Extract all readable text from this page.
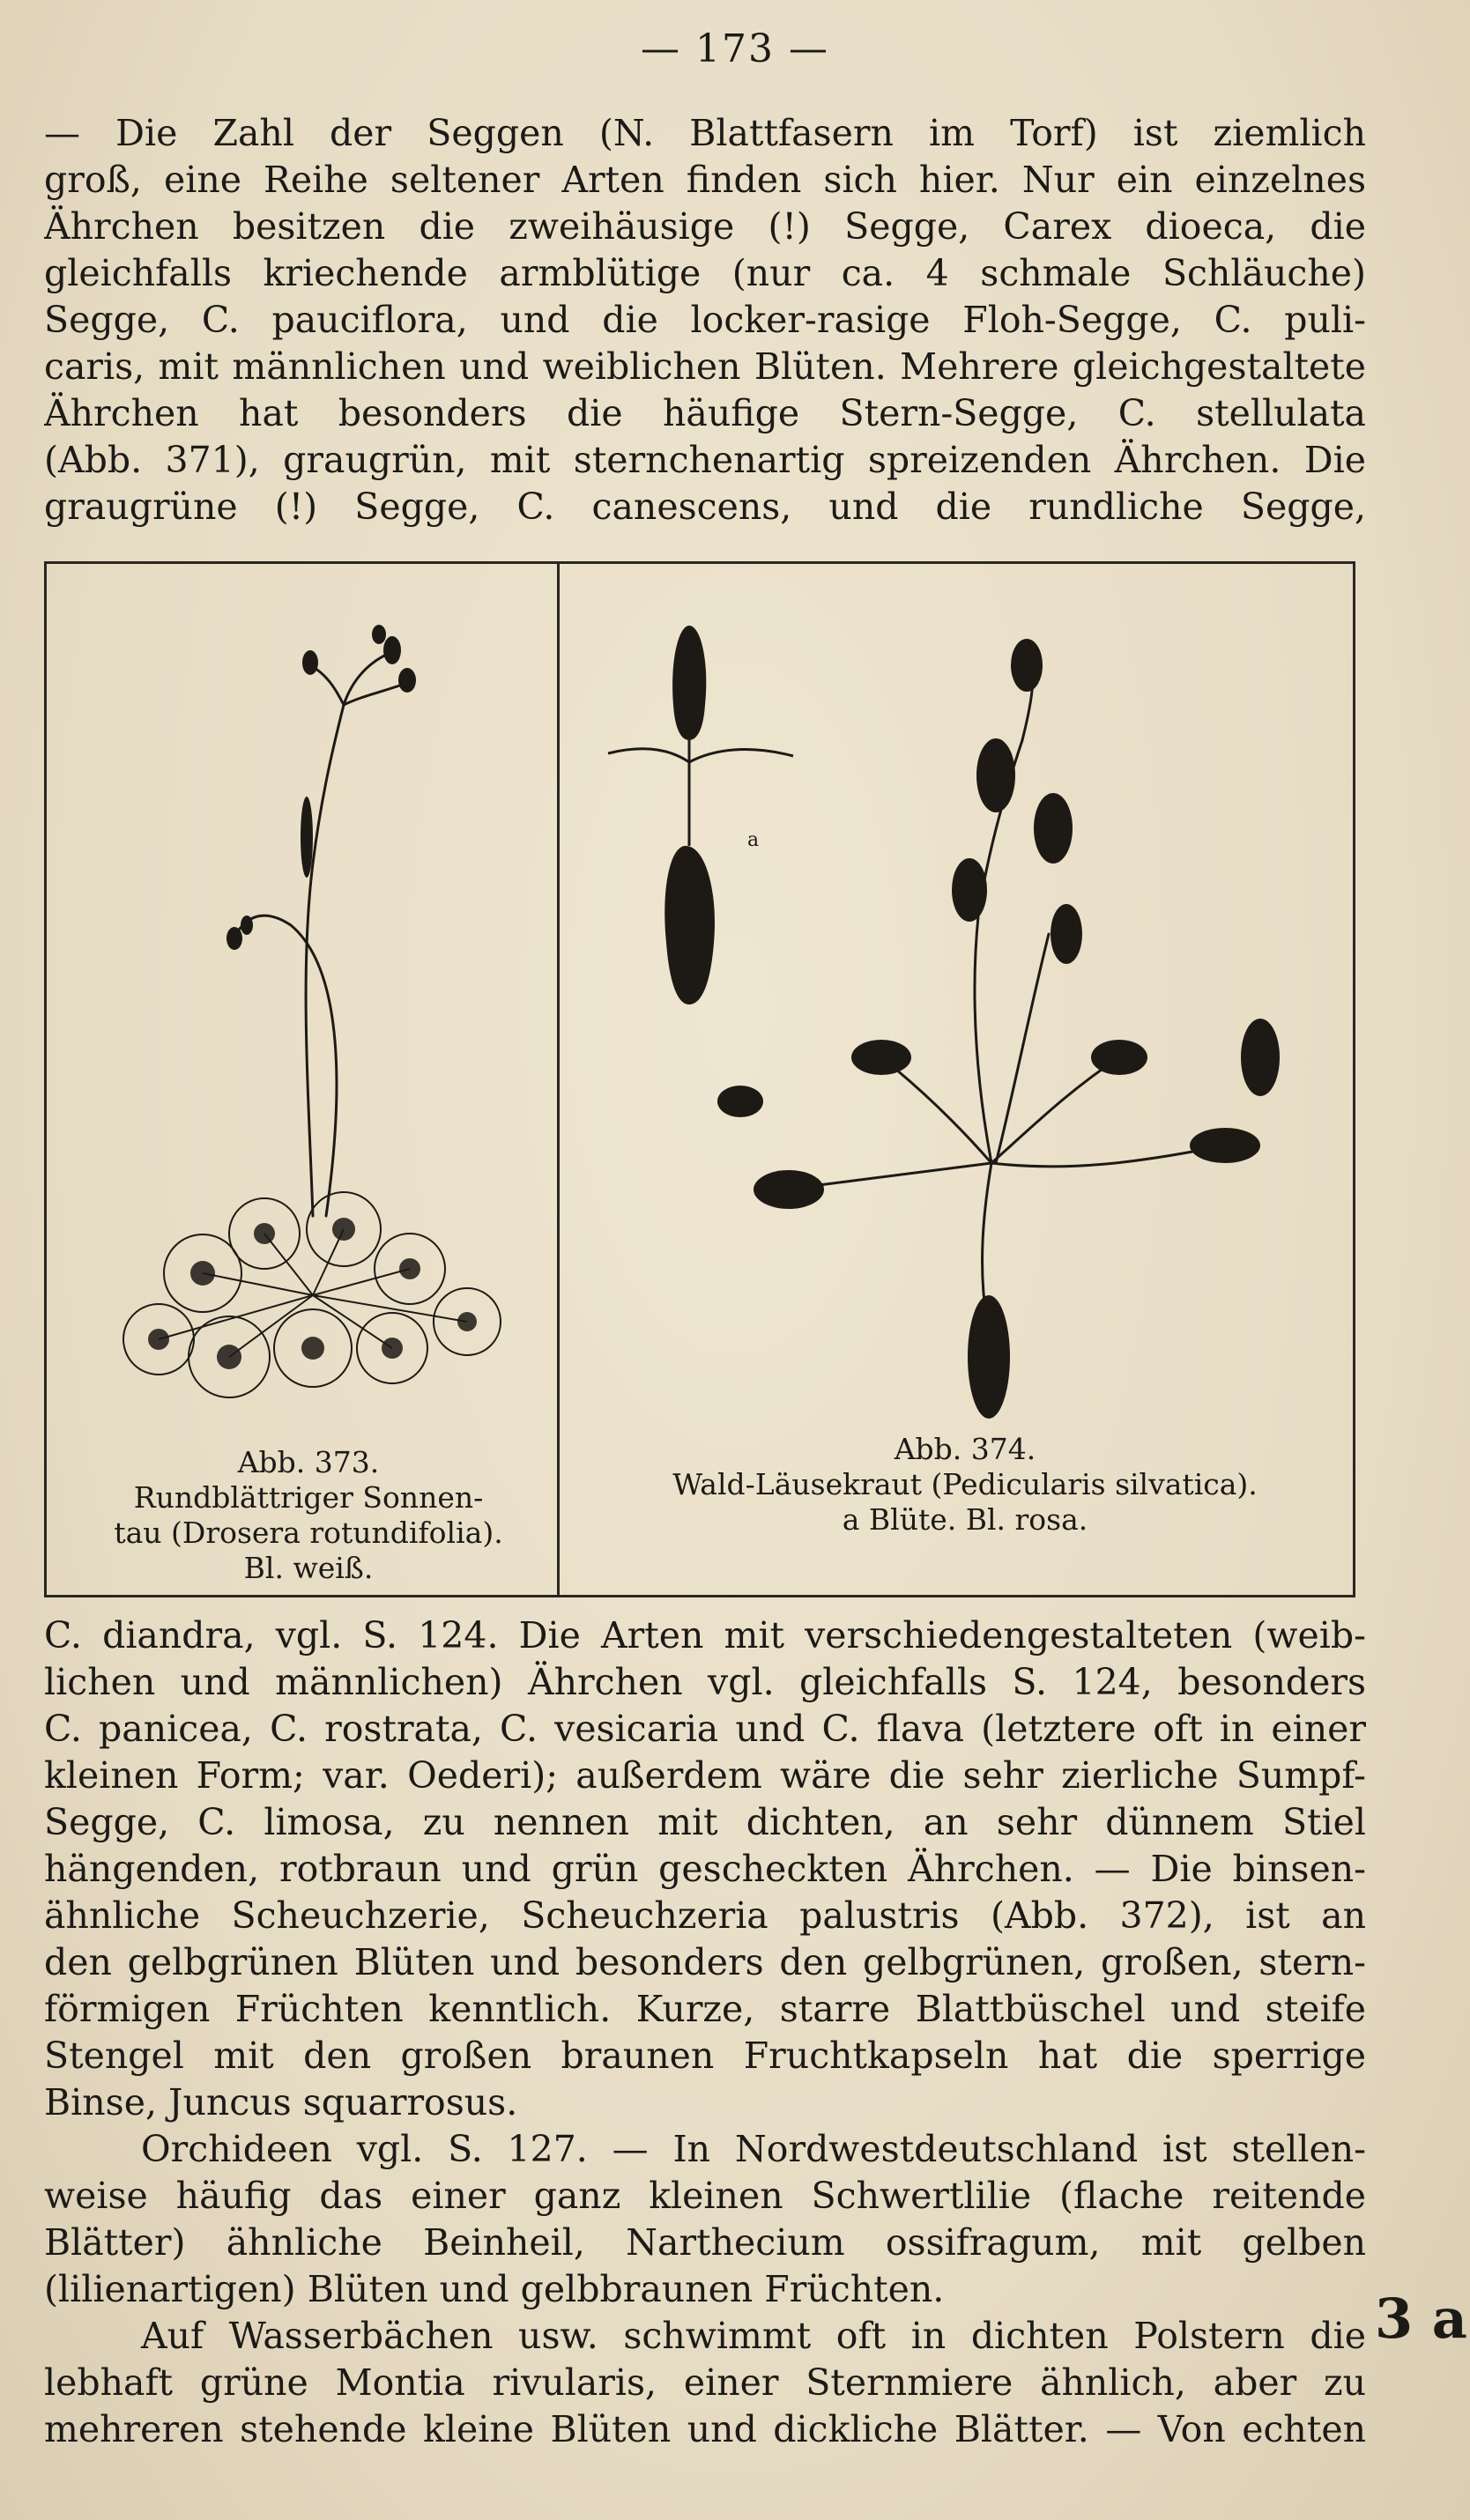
— 173 —
— Die Zahl der Seggen (N. Blattfasern im Torf) ist ziemlich
groß, eine Reihe seltener Arten finden sich hier. Nur ein einzelnes
Ährchen besitzen die zweihäusige (!) Segge, Carex dioeca, die
gleichfalls kriechende armblütige (nur ca. 4 schmale Schläuche)
Segge, C. pauciflora, und die locker-rasige Floh-Segge, C. puli-
caris, mit männlichen und weiblichen Blüten. Mehrere gleichgestaltete
Ährchen hat besonders die häufige Stern-Segge, C. stellulata
(Abb. 371), graugrün, mit sternchenartig spreizenden Ährchen. Die
graugrüne (!) Segge, C. canescens, und die rundliche Segge,
a
Abb. 373.
Rundblättriger Sonnen-
tau (Drosera rotundifolia).
Bl. weiß.
Abb. 374.
Wald-Läusekraut (Pedicularis silvatica).
a Blüte. Bl. rosa.
C. diandra, vgl. S. 124. Die Arten mit verschiedengestalteten (weib-
lichen und männlichen) Ährchen vgl. gleichfalls S. 124, besonders
C. panicea, C. rostrata, C. vesicaria und C. flava (letztere oft in einer
kleinen Form; var. Oederi); außerdem wäre die sehr zierliche Sumpf-
Segge, C. limosa, zu nennen mit dichten, an sehr dünnem Stiel
hängenden, rotbraun und grün gescheckten Ährchen. — Die binsen-
ähnliche Scheuchzerie, Scheuchzeria palustris (Abb. 372), ist an
den gelbgrünen Blüten und besonders den gelbgrünen, großen, stern-
förmigen Früchten kenntlich. Kurze, starre Blattbüschel und steife
Stengel mit den großen braunen Fruchtkapseln hat die sperrige
Binse, Juncus squarrosus.
Orchideen vgl. S. 127. — In Nordwestdeutschland ist stellen-
weise häufig das einer ganz kleinen Schwertlilie (flache reitende
Blätter) ähnliche Beinheil, Narthecium ossifragum, mit gelben
(lilienartigen) Blüten und gelbbraunen Früchten.
Auf Wasserbächen usw. schwimmt oft in dichten Polstern die
lebhaft grüne Montia rivularis, einer Sternmiere ähnlich, aber zu
mehreren stehende kleine Blüten und dickliche Blätter. — Von echten
3 a
